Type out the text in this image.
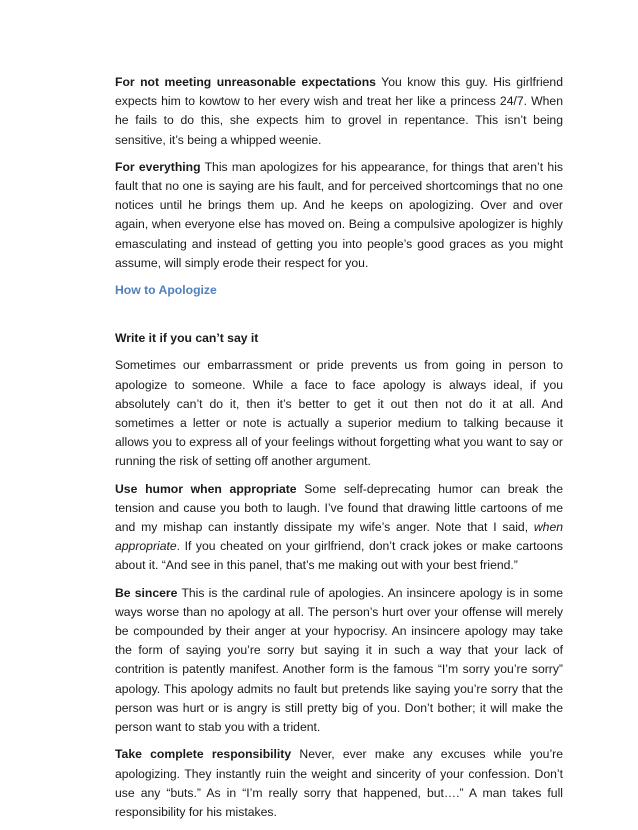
For not meeting unreasonable expectations You know this guy. His girlfriend expects him to kowtow to her every wish and treat her like a princess 24/7. When he fails to do this, she expects him to grovel in repentance. This isn’t being sensitive, it’s being a whipped weenie.

For everything This man apologizes for his appearance, for things that aren’t his fault that no one is saying are his fault, and for perceived shortcomings that no one notices until he brings them up. And he keeps on apologizing. Over and over again, when everyone else has moved on. Being a compulsive apologizer is highly emasculating and instead of getting you into people’s good graces as you might assume, will simply erode their respect for you.

How to Apologize
Write it if you can’t say it

Sometimes our embarrassment or pride prevents us from going in person to apologize to someone. While a face to face apology is always ideal, if you absolutely can’t do it, then it’s better to get it out then not do it at all. And sometimes a letter or note is actually a superior medium to talking because it allows you to express all of your feelings without forgetting what you want to say or running the risk of setting off another argument.

Use humor when appropriate Some self-deprecating humor can break the tension and cause you both to laugh. I’ve found that drawing little cartoons of me and my mishap can instantly dissipate my wife’s anger. Note that I said, when appropriate. If you cheated on your girlfriend, don’t crack jokes or make cartoons about it. “And see in this panel, that’s me making out with your best friend.”

Be sincere This is the cardinal rule of apologies. An insincere apology is in some ways worse than no apology at all. The person’s hurt over your offense will merely be compounded by their anger at your hypocrisy. An insincere apology may take the form of saying you’re sorry but saying it in such a way that your lack of contrition is patently manifest. Another form is the famous “I’m sorry you’re sorry” apology. This apology admits no fault but pretends like saying you’re sorry that the person was hurt or is angry is still pretty big of you. Don’t bother; it will make the person want to stab you with a trident.

Take complete responsibility Never, ever make any excuses while you’re apologizing. They instantly ruin the weight and sincerity of your confession. Don’t use any “buts.” As in “I’m really sorry that happened, but….” A man takes full responsibility for his mistakes.
